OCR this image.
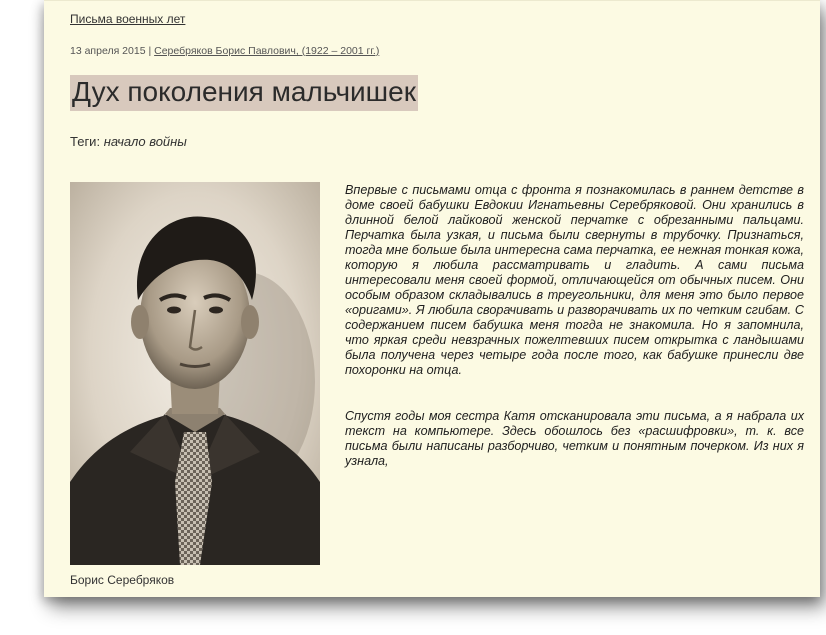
Письма военных лет
13 апреля 2015 | Серебряков Борис Павлович, (1922 – 2001 гг.)
Дух поколения мальчишек
Теги: начало войны
Борис Серебряков

Впервые с письмами отца с фронта я познакомилась в раннем детстве в доме своей бабушки Евдокии Игнатьевны Серебряковой. Они хранились в длинной белой лайковой женской перчатке с обрезанными пальцами. Перчатка была узкая, и письма были свернуты в трубочку. Признаться, тогда мне больше была интересна сама перчатка, ее нежная тонкая кожа, которую я любила рассматривать и гладить. А сами письма интересовали меня своей формой, отличающейся от обычных писем. Они особым образом складывались в треугольники, для меня это было первое «оригами». Я любила сворачивать и разворачивать их по четким сгибам. С содержанием писем бабушка меня тогда не знакомила. Но я запомнила, что яркая среди невзрачных пожелтевших писем открытка с ландышами была получена через четыре года после того, как бабушке принесли две похоронки на отца.

Спустя годы моя сестра Катя отсканировала эти письма, а я набрала их текст на компьютере. Здесь обошлось без «расшифровки», т. к. все письма были написаны разборчиво, четким и понятным почерком. Из них я узнала,
